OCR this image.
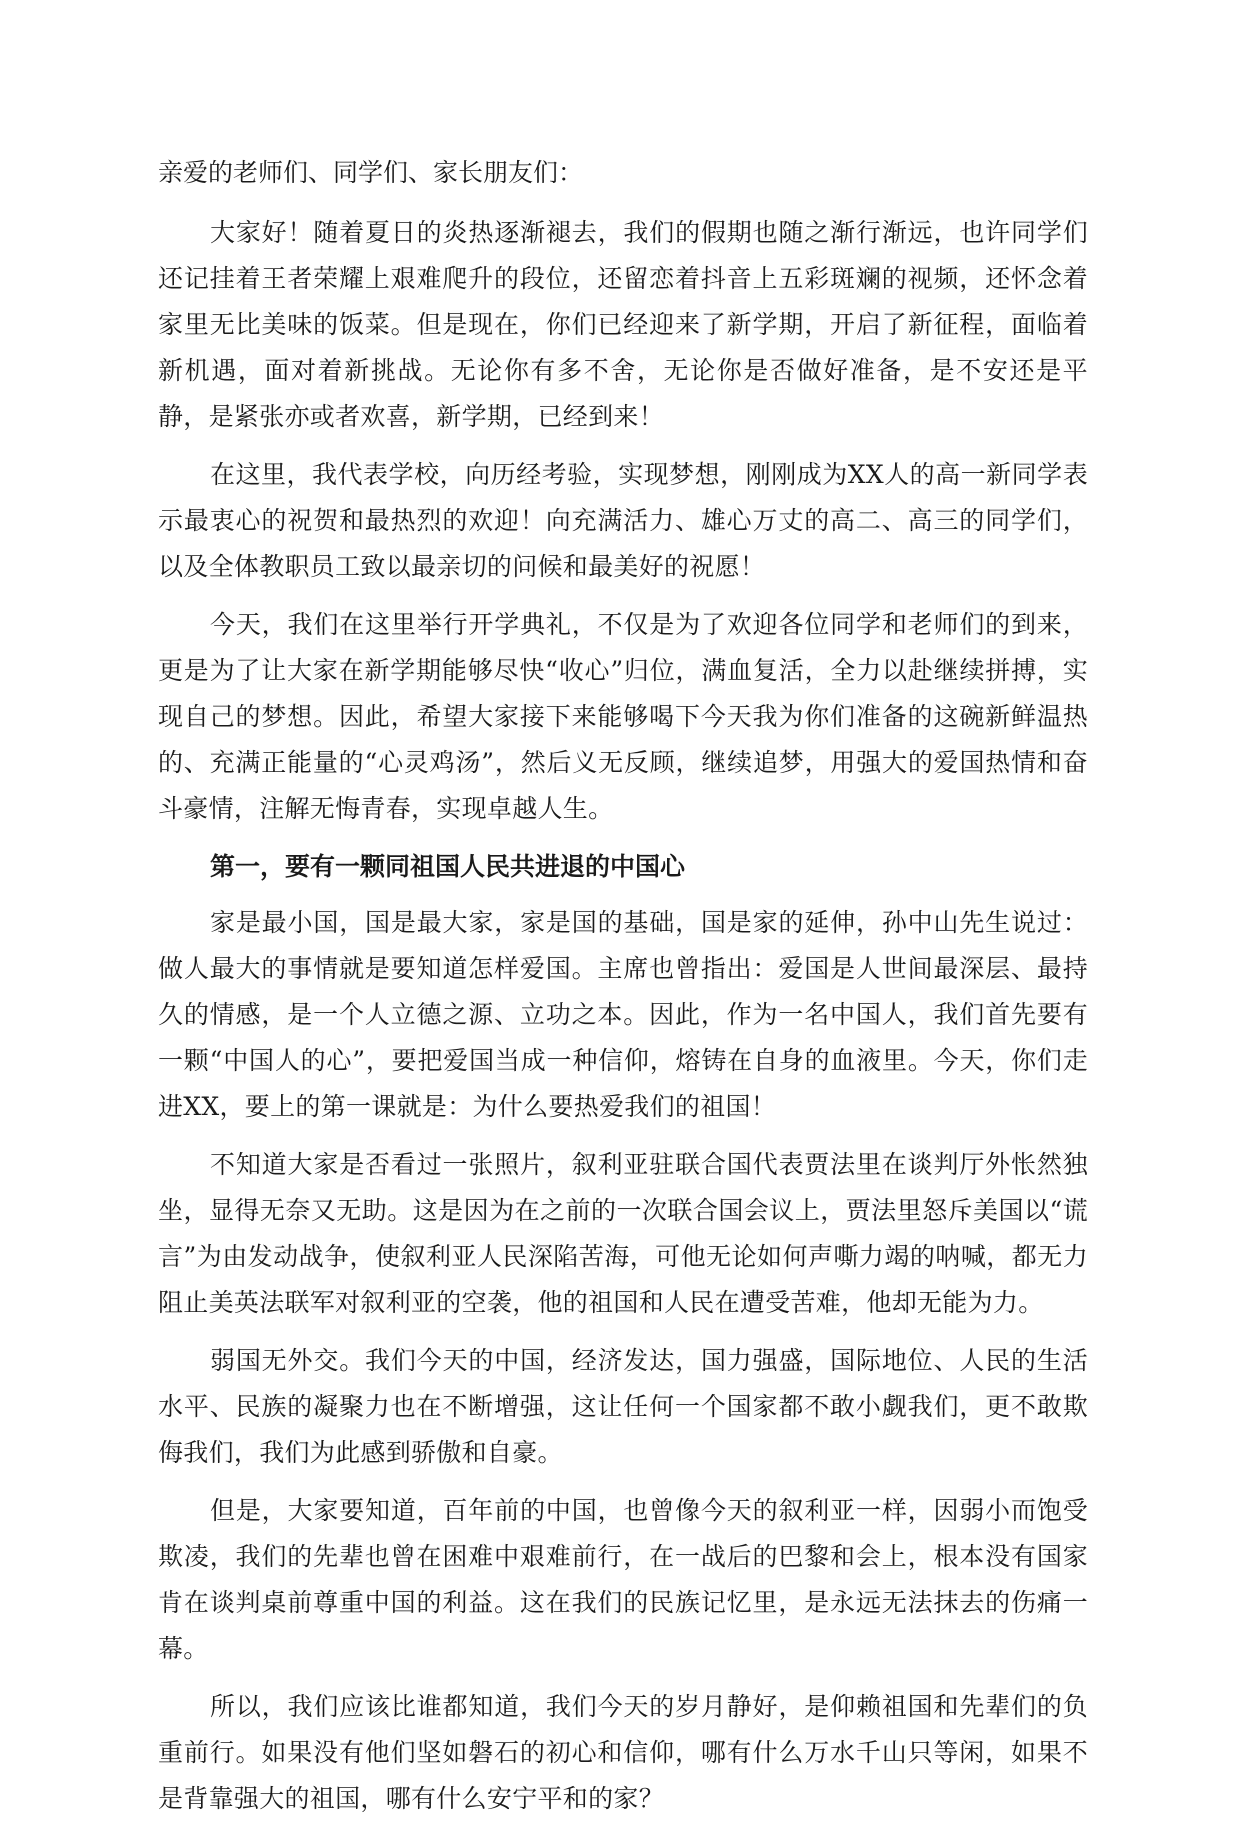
亲爱的老师们、同学们、家长朋友们：

大家好！随着夏日的炎热逐渐褪去，我们的假期也随之渐行渐远，也许同学们还记挂着王者荣耀上艰难爬升的段位，还留恋着抖音上五彩斑斓的视频，还怀念着家里无比美味的饭菜。但是现在，你们已经迎来了新学期，开启了新征程，面临着新机遇，面对着新挑战。无论你有多不舍，无论你是否做好准备，是不安还是平静，是紧张亦或者欢喜，新学期，已经到来！

在这里，我代表学校，向历经考验，实现梦想，刚刚成为XX人的高一新同学表示最衷心的祝贺和最热烈的欢迎！向充满活力、雄心万丈的高二、高三的同学们，以及全体教职员工致以最亲切的问候和最美好的祝愿！

今天，我们在这里举行开学典礼，不仅是为了欢迎各位同学和老师们的到来，更是为了让大家在新学期能够尽快“收心”归位，满血复活，全力以赴继续拼搏，实现自己的梦想。因此，希望大家接下来能够喝下今天我为你们准备的这碗新鲜温热的、充满正能量的“心灵鸡汤”，然后义无反顾，继续追梦，用强大的爱国热情和奋斗豪情，注解无悔青春，实现卓越人生。

第一，要有一颗同祖国人民共进退的中国心

家是最小国，国是最大家，家是国的基础，国是家的延伸，孙中山先生说过：做人最大的事情就是要知道怎样爱国。主席也曾指出：爱国是人世间最深层、最持久的情感，是一个人立德之源、立功之本。因此，作为一名中国人，我们首先要有一颗“中国人的心”，要把爱国当成一种信仰，熔铸在自身的血液里。今天，你们走进XX，要上的第一课就是：为什么要热爱我们的祖国！

不知道大家是否看过一张照片，叙利亚驻联合国代表贾法里在谈判厅外怅然独坐，显得无奈又无助。这是因为在之前的一次联合国会议上，贾法里怒斥美国以“谎言”为由发动战争，使叙利亚人民深陷苦海，可他无论如何声嘶力竭的呐喊，都无力阻止美英法联军对叙利亚的空袭，他的祖国和人民在遭受苦难，他却无能为力。

弱国无外交。我们今天的中国，经济发达，国力强盛，国际地位、人民的生活水平、民族的凝聚力也在不断增强，这让任何一个国家都不敢小觑我们，更不敢欺侮我们，我们为此感到骄傲和自豪。

但是，大家要知道，百年前的中国，也曾像今天的叙利亚一样，因弱小而饱受欺凌，我们的先辈也曾在困难中艰难前行，在一战后的巴黎和会上，根本没有国家肯在谈判桌前尊重中国的利益。这在我们的民族记忆里，是永远无法抹去的伤痛一幕。

所以，我们应该比谁都知道，我们今天的岁月静好，是仰赖祖国和先辈们的负重前行。如果没有他们坚如磐石的初心和信仰，哪有什么万水千山只等闲，如果不是背靠强大的祖国，哪有什么安宁平和的家？
